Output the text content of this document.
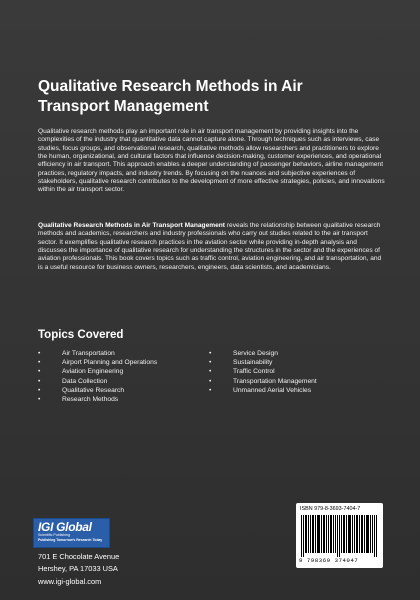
Qualitative Research Methods in Air Transport Management

Qualitative research methods play an important role in air transport management by providing insights into the complexities of the industry that quantitative data cannot capture alone. Through techniques such as interviews, case studies, focus groups, and observational research, qualitative methods allow researchers and practitioners to explore the human, organizational, and cultural factors that influence decision-making, customer experiences, and operational efficiency in air transport. This approach enables a deeper understanding of passenger behaviors, airline management practices, regulatory impacts, and industry trends. By focusing on the nuances and subjective experiences of stakeholders, qualitative research contributes to the development of more effective strategies, policies, and innovations within the air transport sector.

Qualitative Research Methods in Air Transport Management reveals the relationship between qualitative research methods and academics, researchers and industry professionals who carry out studies related to the air transport sector. It exemplifies qualitative research practices in the aviation sector while providing in-depth analysis and discusses the importance of qualitative research for understanding the structures in the sector and the experiences of aviation professionals. This book covers topics such as traffic control, aviation engineering, and air transportation, and is a useful resource for business owners, researchers, engineers, data scientists, and academicians.

Topics Covered
• Air Transportation
• Airport Planning and Operations
• Aviation Engineering
• Data Collection
• Qualitative Research
• Research Methods
• Service Design
• Sustainability
• Traffic Control
• Transportation Management
• Unmanned Aerial Vehicles
IGI Global
Scientific Publishing
Publishing Tomorrow's Research Today
701 E Chocolate Avenue
Hershey, PA 17033 USA
www.igi-global.com
ISBN 979-8-3693-7404-7
9 798369 374047
